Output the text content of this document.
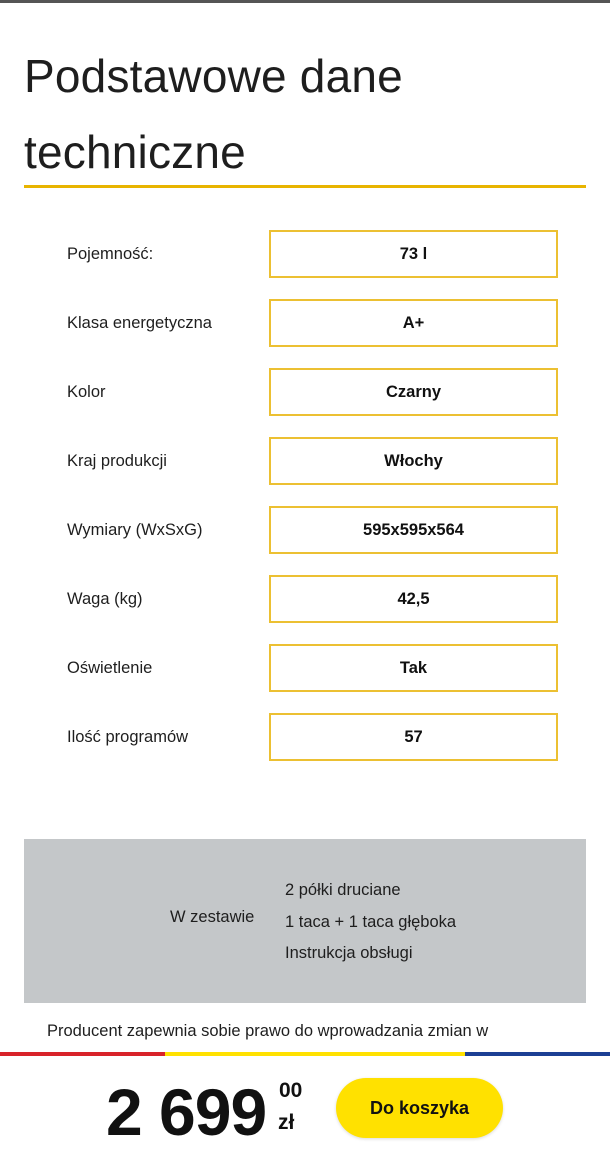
Podstawowe dane
techniczne
Pojemność:	73 l
Klasa energetyczna	A+
Kolor	Czarny
Kraj produkcji	Włochy
Wymiary (WxSxG)	595x595x564
Waga (kg)	42,5
Oświetlenie	Tak
Ilość programów	57
W zestawie
2 półki druciane
1 taca + 1 taca głęboka
Instrukcja obsługi

Producent zapewnia sobie prawo do wprowadzania zmian w

2 699 00
zł
Do koszyka
